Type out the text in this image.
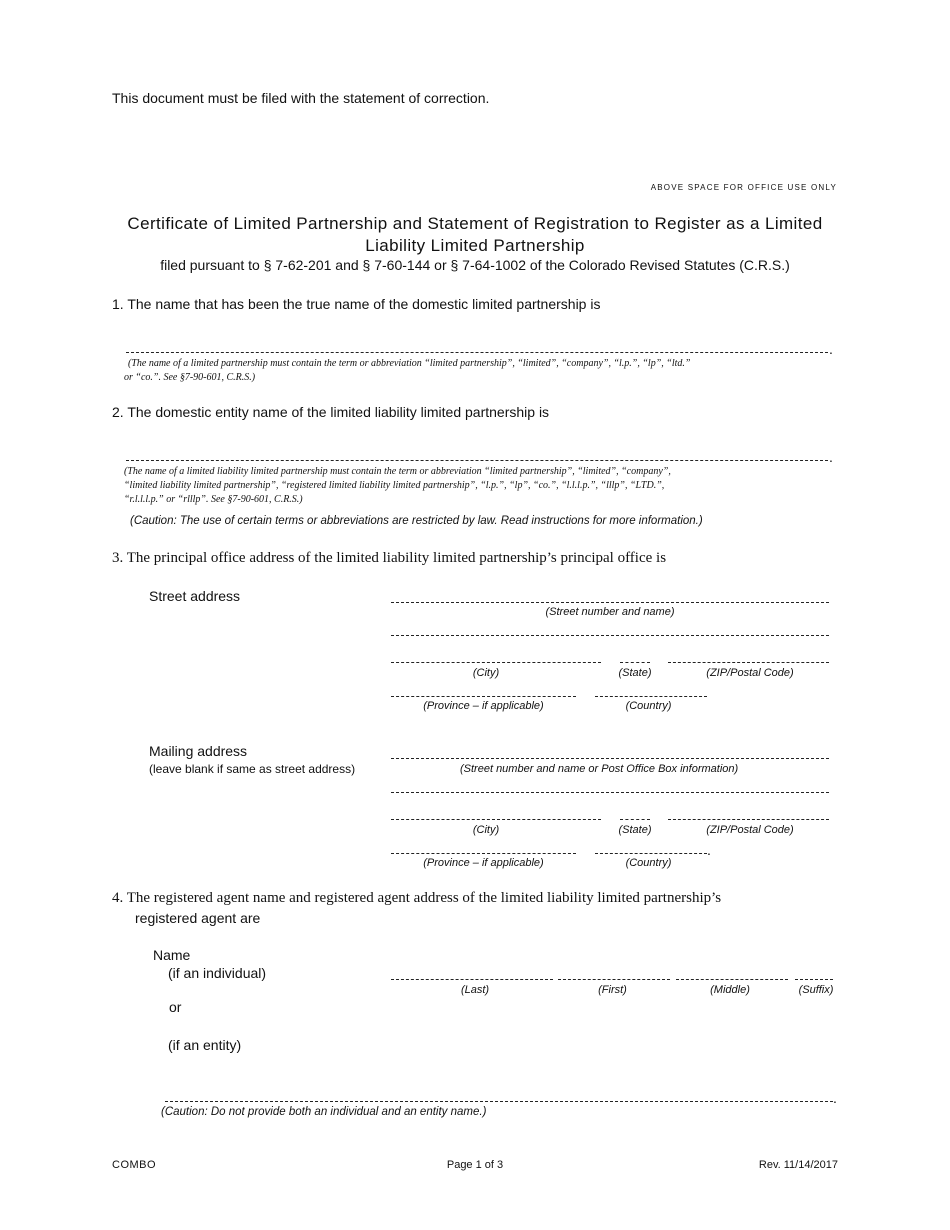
This document must be filed with the statement of correction.
ABOVE SPACE FOR OFFICE USE ONLY
Certificate of Limited Partnership and Statement of Registration to Register as a Limited
Liability Limited Partnership
filed pursuant to § 7-62-201 and § 7-60-144 or § 7-64-1002 of the Colorado Revised Statutes (C.R.S.)
1. The name that has been the true name of the domestic limited partnership is
.
(The name of a limited partnership must contain the term or abbreviation “limited partnership”, “limited”, “company”, “l.p.”, “lp”, “ltd.”
or “co.”. See §7-90-601, C.R.S.)
2. The domestic entity name of the limited liability limited partnership is
.
(The name of a limited liability limited partnership must contain the term or abbreviation “limited partnership”, “limited”, “company”,
“limited liability limited partnership”, “registered limited liability limited partnership”, “l.p.”, “lp”, “co.”, “l.l.l.p.”, “lllp”, “LTD.”,
“r.l.l.l.p.” or “rlllp”. See §7-90-601, C.R.S.)
(Caution: The use of certain terms or abbreviations are restricted by law. Read instructions for more information.)
3. The principal office address of the limited liability limited partnership’s principal office is
Street address
(Street number and name)
(City)	(State)	(ZIP/Postal Code)
(Province – if applicable)	(Country)
Mailing address
(leave blank if same as street address)	(Street number and name or Post Office Box information)
(City)	(State)	(ZIP/Postal Code)
.
(Province – if applicable)	(Country)
4. The registered agent name and registered agent address of the limited liability limited partnership’s
registered agent are
Name
(if an individual)
(Last)	(First)	(Middle)	(Suffix)
or
(if an entity)
.
(Caution: Do not provide both an individual and an entity name.)
COMBO	Page 1 of 3	Rev. 11/14/2017
